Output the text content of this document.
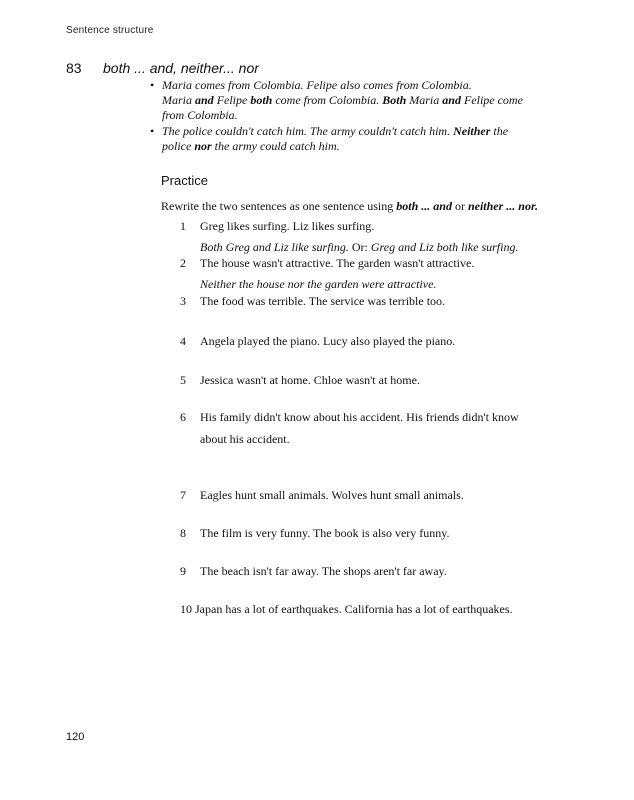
Sentence structure
83 both ... and, neither... nor
• Maria comes from Colombia. Felipe also comes from Colombia.
Maria and Felipe both come from Colombia. Both Maria and Felipe come
from Colombia.
• The police couldn't catch him. The army couldn't catch him. Neither the
police nor the army could catch him.
Practice
Rewrite the two sentences as one sentence using both ... and or neither ... nor.
1 Greg likes surfing. Liz likes surfing.
Both Greg and Liz like surfing. Or: Greg and Liz both like surfing.
2 The house wasn't attractive. The garden wasn't attractive.
Neither the house nor the garden were attractive.
3 The food was terrible. The service was terrible too.
4 Angela played the piano. Lucy also played the piano.
5 Jessica wasn't at home. Chloe wasn't at home.
6 His family didn't know about his accident. His friends didn't know
about his accident.
7 Eagles hunt small animals. Wolves hunt small animals.
8 The film is very funny. The book is also very funny.
9 The beach isn't far away. The shops aren't far away.
10 Japan has a lot of earthquakes. California has a lot of earthquakes.
120
